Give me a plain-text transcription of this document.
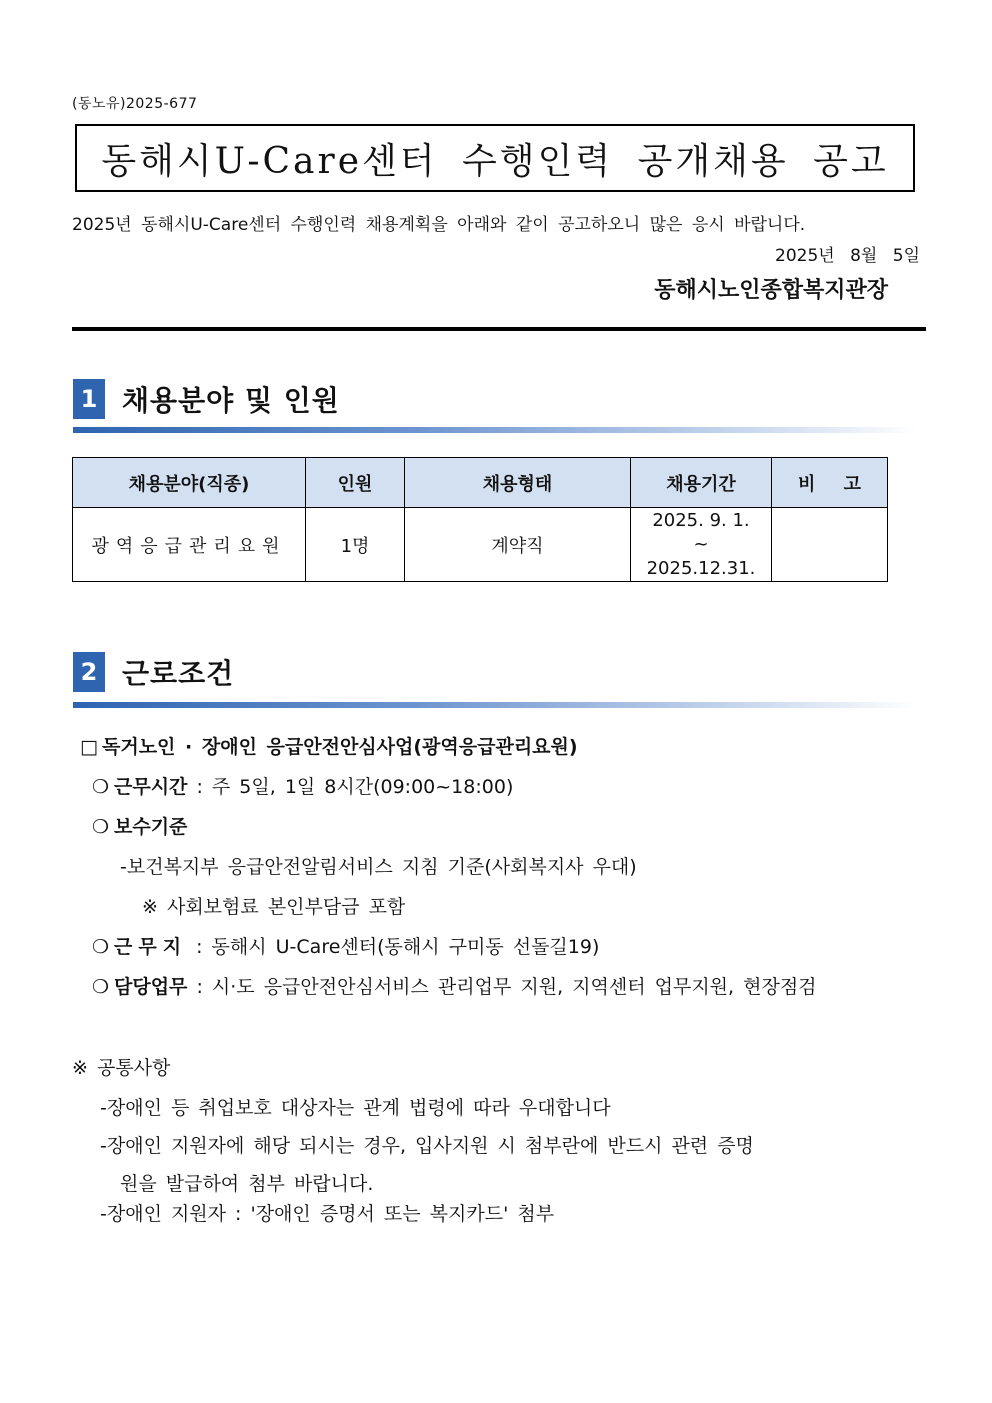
(동노유)2025-677
동해시U-Care센터 수행인력 공개채용 공고
2025년 동해시U-Care센터 수행인력 채용계획을 아래와 같이 공고하오니 많은 응시 바랍니다.
2025년 8월 5일
동해시노인종합복지관장
1 채용분야 및 인원
채용분야(직종)	인원	채용형태	채용기간	비 고
광역응급관리요원	1명	계약직	2025. 9. 1.
~
2025.12.31.	

2 근로조건
□ 독거노인 · 장애인 응급안전안심사업(광역응급관리요원)
❍ 근무시간 : 주 5일, 1일 8시간(09:00~18:00)
❍ 보수기준
-보건복지부 응급안전알림서비스 지침 기준(사회복지사 우대)
※ 사회보험료 본인부담금 포함
❍ 근무지 : 동해시 U-Care센터(동해시 구미동 선돌길19)
❍ 담당업무 : 시·도 응급안전안심서비스 관리업무 지원, 지역센터 업무지원, 현장점검
※ 공통사항
-장애인 등 취업보호 대상자는 관계 법령에 따라 우대합니다
-장애인 지원자에 해당 되시는 경우, 입사지원 시 첨부란에 반드시 관련 증명
원을 발급하여 첨부 바랍니다.
-장애인 지원자 : '장애인 증명서 또는 복지카드' 첨부
